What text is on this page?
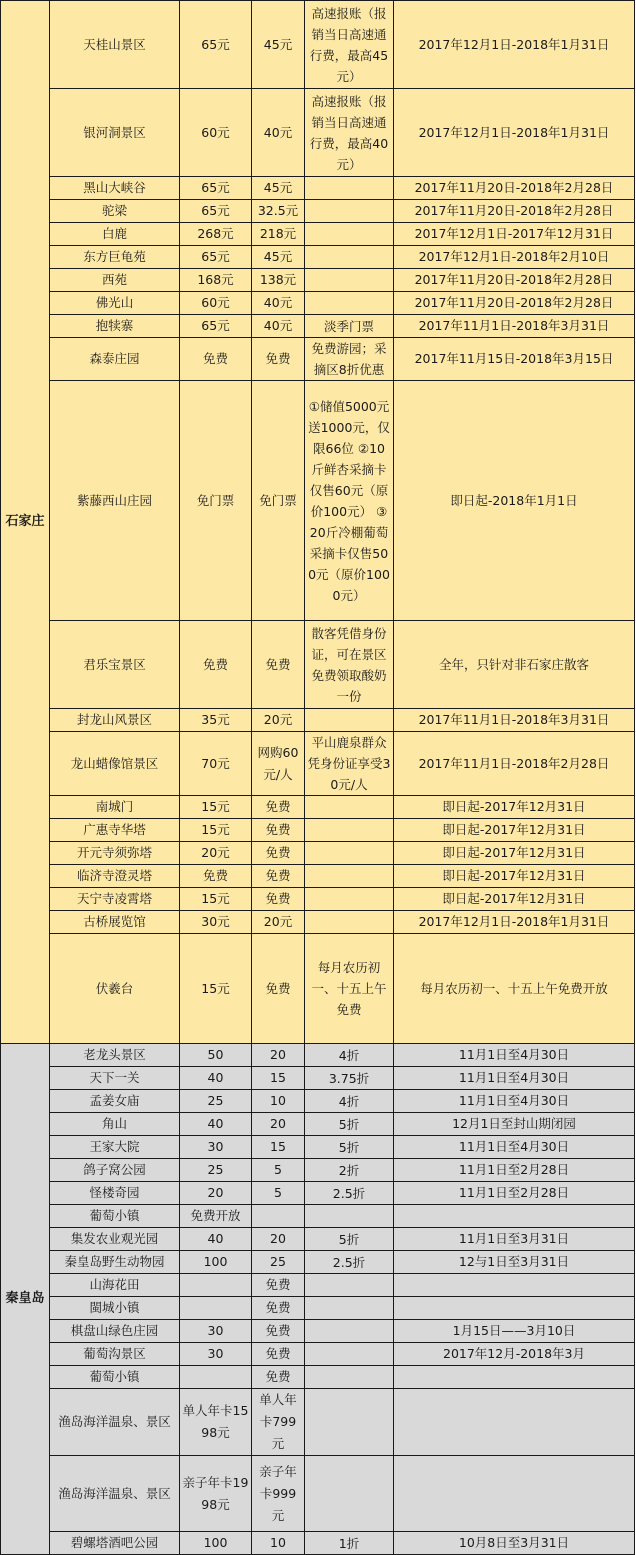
石家庄	天桂山景区	65元	45元	高速报账（报销当日高速通行费，最高45元）	2017年12月1日-2018年1月31日
	银河洞景区	60元	40元	高速报账（报销当日高速通行费，最高40元）	2017年12月1日-2018年1月31日
	黑山大峡谷	65元	45元		2017年11月20日-2018年2月28日
	驼梁	65元	32.5元		2017年11月20日-2018年2月28日
	白鹿	268元	218元		2017年12月1日-2017年12月31日
	东方巨龟苑	65元	45元		2017年12月1日-2018年2月10日
	西苑	168元	138元		2017年11月20日-2018年2月28日
	佛光山	60元	40元		2017年11月20日-2018年2月28日
	抱犊寨	65元	40元	淡季门票	2017年11月1日-2018年3月31日
	森泰庄园	免费	免费	免费游园；采摘区8折优惠	2017年11月15日-2018年3月15日
	紫藤西山庄园	免门票	免门票	①储值5000元送1000元，仅限66位 ②10斤鲜杏采摘卡仅售60元（原价100元） ③20斤冷棚葡萄采摘卡仅售500元（原价1000元）	即日起-2018年1月1日
	君乐宝景区	免费	免费	散客凭借身份证，可在景区免费领取酸奶一份	全年，只针对非石家庄散客
	封龙山风景区	35元	20元		2017年11月1日-2018年3月31日
	龙山蜡像馆景区	70元	网购60元/人	平山鹿泉群众凭身份证享受30元/人	2017年11月1日-2018年2月28日
	南城门	15元	免费		即日起-2017年12月31日
	广惠寺华塔	15元	免费		即日起-2017年12月31日
	开元寺须弥塔	20元	免费		即日起-2017年12月31日
	临济寺澄灵塔	免费	免费		即日起-2017年12月31日
	天宁寺凌霄塔	15元	免费		即日起-2017年12月31日
	古桥展览馆	30元	20元		2017年12月1日-2018年1月31日
	伏羲台	15元	免费	每月农历初一、十五上午免费	每月农历初一、十五上午免费开放
秦皇岛	老龙头景区	50	20	4折	11月1日至4月30日
	天下一关	40	15	3.75折	11月1日至4月30日
	孟姜女庙	25	10	4折	11月1日至4月30日
	角山	40	20	5折	12月1日至封山期闭园
	王家大院	30	15	5折	11月1日至4月30日
	鸽子窝公园	25	5	2折	11月1日至2月28日
	怪楼奇园	20	5	2.5折	11月1日至2月28日
	葡萄小镇	免费开放			
	集发农业观光园	40	20	5折	11月1日至3月31日
	秦皇岛野生动物园	100	25	2.5折	12与1日至3月31日
	山海花田		免费		
	閩城小镇		免费		
	棋盘山绿色庄园	30	免费		1月15日——3月10日
	葡萄沟景区	30	免费		2017年12月-2018年3月
	葡萄小镇		免费		
	渔岛海洋温泉、景区	单人年卡1598元	单人年卡799元		
	渔岛海洋温泉、景区	亲子年卡1998元	亲子年卡999元		
	碧螺塔酒吧公园	100	10	1折	10月8日至3月31日
